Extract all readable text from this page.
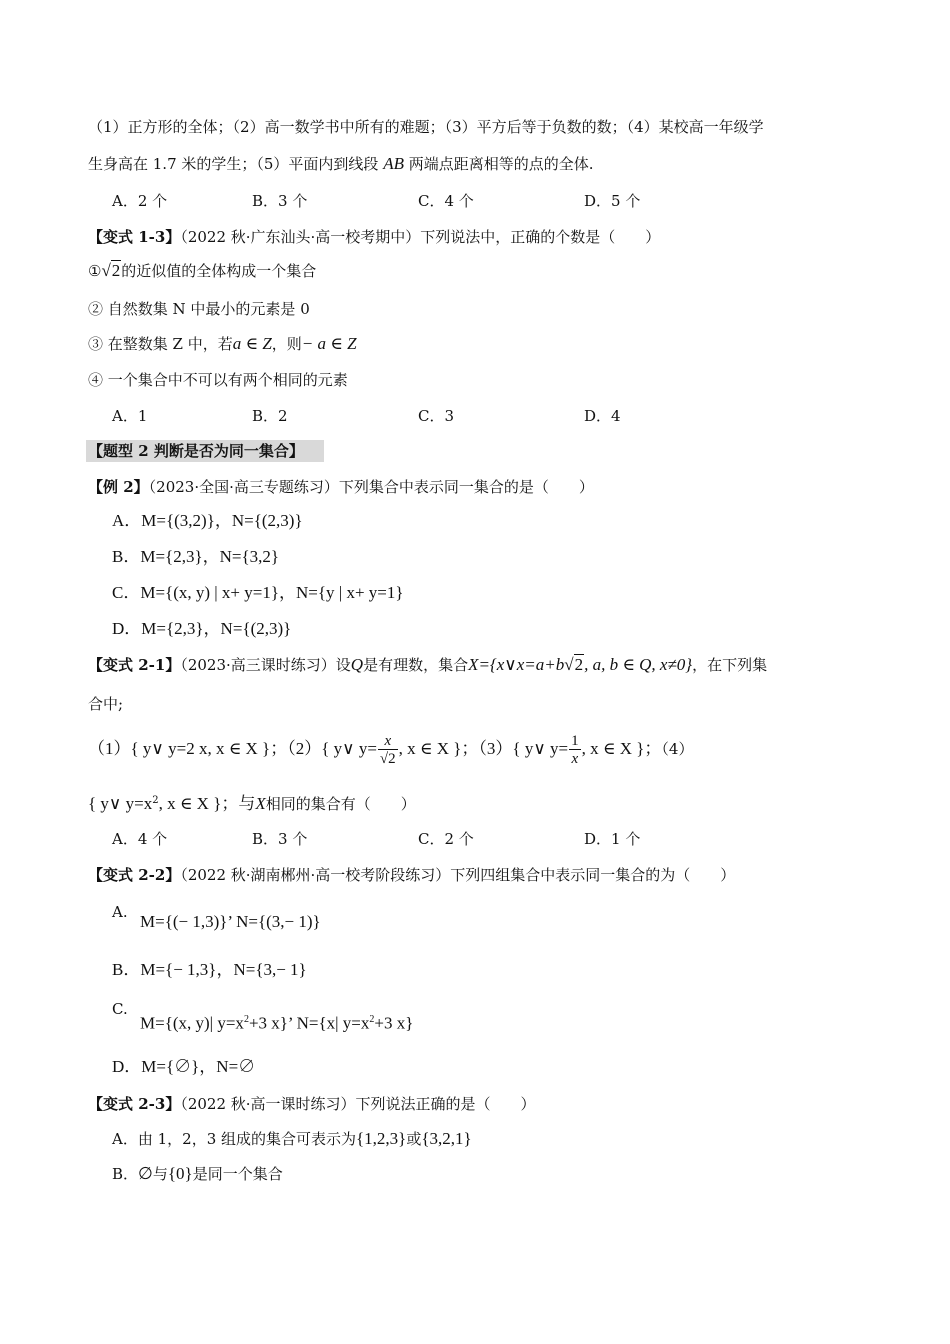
（1）正方形的全体；（2）高一数学书中所有的难题；（3）平方后等于负数的数；（4）某校高一年级学
生身高在 1.7 米的学生；（5）平面内到线段 AB 两端点距离相等的点的全体.
A．2 个	B．3 个	C．4 个	D．5 个
【变式 1-3】（2022 秋·广东汕头·高一校考期中）下列说法中，正确的个数是（　　）
①√2的近似值的全体构成一个集合
② 自然数集 N 中最小的元素是 0
③ 在整数集 Z 中，若a ∈ Z，则− a ∈ Z
④ 一个集合中不可以有两个相同的元素
A．1	B．2	C．3	D．4
【题型 2 判断是否为同一集合】
【例 2】（2023·全国·高三专题练习）下列集合中表示同一集合的是（　　）
A．M={(3,2)}，N={(2,3)}
B．M={2,3}，N={3,2}
C．M={(x, y) | x+ y=1}，N={y | x+ y=1}
D．M={2,3}，N={(2,3)}
【变式 2-1】（2023·高三课时练习）设Q是有理数，集合X={x∨x=a+b√2, a, b ∈ Q, x≠0}，在下列集
合中;
（1）{ y∨ y=2 x, x ∈ X }；（2）{ y∨ $y= \frac{x}{√2}$ , x ∈ X }；（3）{ y∨ $y= \frac{1}{x}$ , x ∈ X }；（4）
{ y∨ $y=x^2$, x ∈ X }；与X相同的集合有（　　）
A．4 个	B．3 个	C．2 个	D．1 个
【变式 2-2】（2022 秋·湖南郴州·高一校考阶段练习）下列四组集合中表示同一集合的为（　　）
A. M={(− 1,3)}’ N={(3,− 1)}
B．M={− 1,3}，N={3,− 1}
C.
M={(x, y)| $y=x^2+3$ x}’ N={x| $y=x^2+3$ x}
D．M={∅}，N=∅
【变式 2-3】（2022 秋·高一课时练习）下列说法正确的是（　　）
A．由 1，2，3 组成的集合可表示为{1,2,3}或{3,2,1}
B．∅与{0}是同一个集合
